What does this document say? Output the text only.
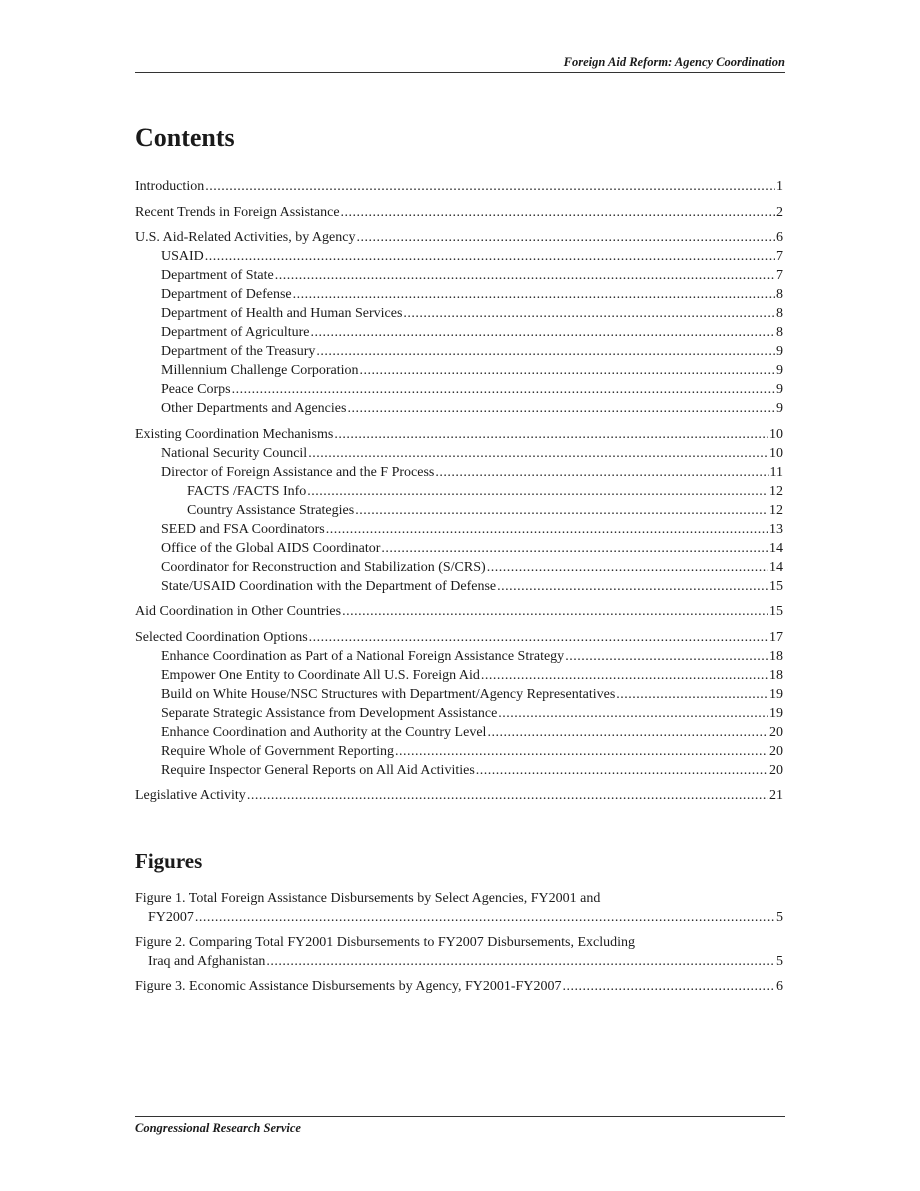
Foreign Aid Reform: Agency Coordination
Contents
Introduction .....	1
Recent Trends in Foreign Assistance .....	2
U.S. Aid-Related Activities, by Agency .....	6
USAID .....	7
Department of State .....	7
Department of Defense .....	8
Department of Health and Human Services .....	8
Department of Agriculture .....	8
Department of the Treasury .....	9
Millennium Challenge Corporation .....	9
Peace Corps .....	9
Other Departments and Agencies .....	9
Existing Coordination Mechanisms .....	10
National Security Council .....	10
Director of Foreign Assistance and the F Process .....	11
FACTS /FACTS Info .....	12
Country Assistance Strategies .....	12
SEED and FSA Coordinators .....	13
Office of the Global AIDS Coordinator .....	14
Coordinator for Reconstruction and Stabilization (S/CRS) .....	14
State/USAID Coordination with the Department of Defense .....	15
Aid Coordination in Other Countries .....	15
Selected Coordination Options .....	17
Enhance Coordination as Part of a National Foreign Assistance Strategy .....	18
Empower One Entity to Coordinate All U.S. Foreign Aid .....	18
Build on White House/NSC Structures with Department/Agency Representatives .....	19
Separate Strategic Assistance from Development Assistance .....	19
Enhance Coordination and Authority at the Country Level .....	20
Require Whole of Government Reporting .....	20
Require Inspector General Reports on All Aid Activities .....	20
Legislative Activity .....	21
Figures
Figure 1. Total Foreign Assistance Disbursements by Select Agencies, FY2001 and
FY2007 .....	5
Figure 2. Comparing Total FY2001 Disbursements to FY2007 Disbursements, Excluding
Iraq and Afghanistan .....	5
Figure 3. Economic Assistance Disbursements by Agency, FY2001-FY2007 .....	6
Congressional Research Service
